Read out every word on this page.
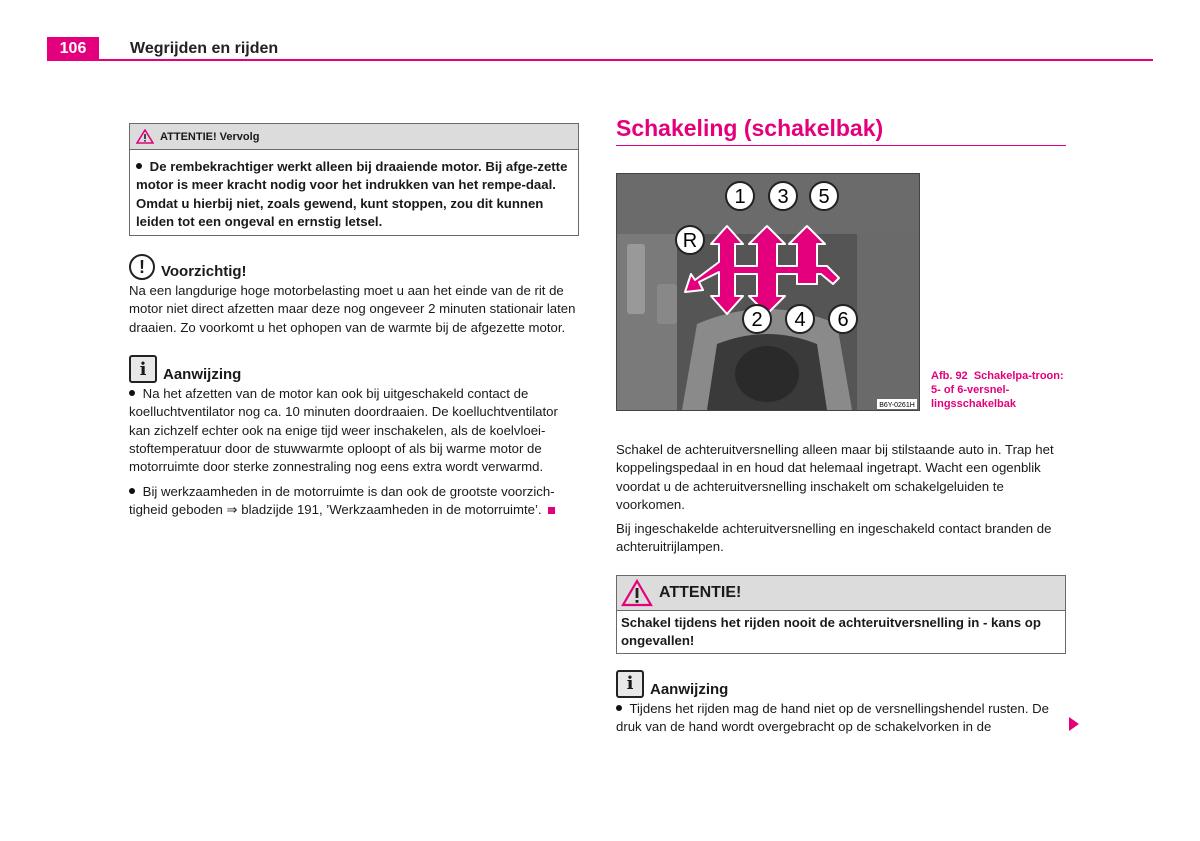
106	Wegrijden en rijden
ATTENTIE! Vervolg
De rembekrachtiger werkt alleen bij draaiende motor. Bij afge-zette motor is meer kracht nodig voor het indrukken van het rempe-daal. Omdat u hierbij niet, zoals gewend, kunt stoppen, zou dit kunnen leiden tot een ongeval en ernstig letsel.
!	Voorzichtig!
Na een langdurige hoge motorbelasting moet u aan het einde van de rit de motor niet direct afzetten maar deze nog ongeveer 2 minuten stationair laten draaien. Zo voorkomt u het ophopen van de warmte bij de afgezette motor.
i	Aanwijzing

Na het afzetten van de motor kan ook bij uitgeschakeld contact de koelluchtventilator nog ca. 10 minuten doordraaien. De koelluchtventilator kan zichzelf echter ook na enige tijd weer inschakelen, als de koelvloeistoftemperatuur door de stuwwarmte oploopt of als bij warme motor de motorruimte door sterke zonnestraling nog eens extra wordt verwarmd.

Bij werkzaamheden in de motorruimte is dan ook de grootste voorzichtigheid geboden ⇒ bladzijde 191, ’Werkzaamheden in de motorruimte’.

Schakeling (schakelbak)
1 3 5
R
2 4 6
B6Y-0261H
Afb. 92 Schakelpa-troon: 5- of 6-versnel-lingsschakelbak

Schakel de achteruitversnelling alleen maar bij stilstaande auto in. Trap het koppelingspedaal in en houd dat helemaal ingetrapt. Wacht een ogenblik voordat u de achteruitversnelling inschakelt om schakelgeluiden te voorkomen.

Bij ingeschakelde achteruitversnelling en ingeschakeld contact branden de achteruitrijlampen.

ATTENTIE!
Schakel tijdens het rijden nooit de achteruitversnelling in - kans op ongevallen!
i	Aanwijzing
Tijdens het rijden mag de hand niet op de versnellingshendel rusten. De druk van de hand wordt overgebracht op de schakelvorken in de
